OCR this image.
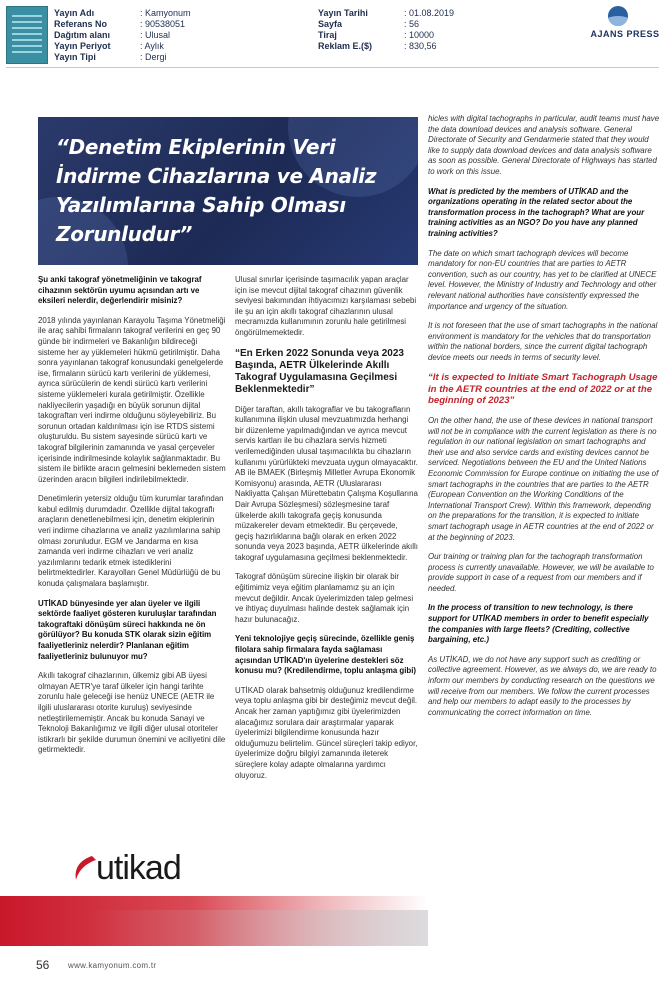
Yayın Adı
Referans No
Dağıtım alanı
Yayın Periyot
Yayın Tipi
: Kamyonum
: 90538051
: Ulusal
: Aylık
: Dergi
Yayın Tarihi
Sayfa
Tiraj
Reklam E.($)
: 01.08.2019
: 56
: 10000
: 830,56
AJANS PRESS
“Denetim Ekiplerinin Veri İndirme Cihazlarına ve Analiz Yazılımlarına Sahip Olması Zorunludur”

Şu anki takograf yönetmeliğinin ve takograf cihazının sektörün uyumu açısından artı ve eksileri nelerdir, değerlendirir misiniz?

2018 yılında yayınlanan Karayolu Taşıma Yönetmeliği ile araç sahibi firmaların takograf verilerini en geç 90 günde bir indirmeleri ve Bakanlığın bildireceği sisteme her ay yüklemeleri hükmü getirilmiştir. Daha sonra yayınlanan takograf konusundaki genelgelerde ise, firmaların sürücü kartı verilerini de yüklemesi, ayrıca sürücülerin de kendi sürücü kartı verilerini sisteme yüklemeleri kurala getirilmiştir. Özellikle nakliyecilerin yaşadığı en büyük sorunun dijital takograftan veri indirme olduğunu söyleyebiliriz. Bu sorunun ortadan kaldırılması için ise RTDS sistemi oluşturuldu. Bu sistem sayesinde sürücü kartı ve takograf bilgilerinin zamanında ve yasal çerçeveler içerisinde indirilmesinde kolaylık sağlanmaktadır. Bu sistem ile birlikte aracın gelmesini beklemeden sistem üzerinden aracın bilgileri indirilebilmektedir.

Denetimlerin yetersiz olduğu tüm kurumlar tarafından kabul edilmiş durumdadır. Özellikle dijital takograflı araçların denetlenebilmesi için, denetim ekiplerinin veri indirme cihazlarına ve analiz yazılımlarına sahip olması zorunludur. EGM ve Jandarma en kısa zamanda veri indirme cihazları ve veri analiz yazılımlarını tedarik etmek istediklerini belirtmektedirler. Karayolları Genel Müdürlüğü de bu konuda çalışmalara başlamıştır.

UTİKAD bünyesinde yer alan üyeler ve ilgili sektörde faaliyet gösteren kuruluşlar tarafından takograftaki dönüşüm süreci hakkında ne ön görülüyor? Bu konuda STK olarak sizin eğitim faaliyetleriniz nelerdir? Planlanan eğitim faaliyetleriniz bulunuyor mu?

Akıllı takograf cihazlarının, ülkemiz gibi AB üyesi olmayan AETR'ye taraf ülkeler için hangi tarihte zorunlu hale geleceği ise henüz UNECE (AETR ile ilgili uluslararası otorite kuruluş) seviyesinde netleştirilememiştir. Ancak bu konuda Sanayi ve Teknoloji Bakanlığımız ve ilgili diğer ulusal otoriteler istikrarlı bir şekilde durumun önemini ve aciliyetini dile getirmektedir.

Ulusal sınırlar içerisinde taşımacılık yapan araçlar için ise mevcut dijital takograf cihazının güvenlik seviyesi bakımından ihtiyacımızı karşılaması sebebi ile şu an için akıllı takograf cihazlarının ulusal mecramızda kullanımının zorunlu hale getirilmesi öngörülmemektedir.

“En Erken 2022 Sonunda veya 2023 Başında, AETR Ülkelerinde Akıllı Takograf Uygulamasına Geçilmesi Beklenmektedir”

Diğer taraftan, akıllı takograflar ve bu takografların kullanımına ilişkin ulusal mevzuatımızda herhangi bir düzenleme yapılmadığından ve ayrıca mevcut servis kartları ile bu cihazlara servis hizmeti verilemediğinden ulusal taşımacılıkta bu cihazların kullanımı yürürlükteki mevzuata uygun olmayacaktır. AB ile BMAEK (Birleşmiş Milletler Avrupa Ekonomik Komisyonu) arasında, AETR (Uluslararası Nakliyatta Çalışan Mürettebatın Çalışma Koşullarına Dair Avrupa Sözleşmesi) sözleşmesine taraf ülkelerde akıllı takografa geçiş konusunda müzakereler devam etmektedir. Bu çerçevede, geçiş hazırlıklarına bağlı olarak en erken 2022 sonunda veya 2023 başında, AETR ülkelerinde akıllı takograf uygulamasına geçilmesi beklenmektedir.

Takograf dönüşüm sürecine ilişkin bir olarak bir eğitimimiz veya eğitim planlamamız şu an için mevcut değildir. Ancak üyelerimizden talep gelmesi ve ihtiyaç duyulması halinde destek sağlamak için hazır bulunacağız.

Yeni teknolojiye geçiş sürecinde, özellikle geniş filolara sahip firmalara fayda sağlaması açısından UTİKAD'ın üyelerine destekleri söz konusu mu? (Kredilendirme, toplu anlaşma gibi)

UTİKAD olarak bahsetmiş olduğunuz kredilendirme veya toplu anlaşma gibi bir desteğimiz mevcut değil. Ancak her zaman yaptığımız gibi üyelerimizden alacağımız sorulara dair araştırmalar yaparak üyelerimizi bilgilendirme konusunda hazır olduğumuzu belirtelim. Güncel süreçleri takip ediyor, üyelerimize doğru bilgiyi zamanında ileterek süreçlere kolay adapte olmalarına yardımcı oluyoruz.

hicles with digital tachographs in particular, audit teams must have the data download devices and analysis software. General Directorate of Security and Gendarmerie stated that they would like to supply data download devices and data analysis software as soon as possible. General Directorate of Highways has started to work on this issue.

What is predicted by the members of UTİKAD and the organizations operating in the related sector about the transformation process in the tachograph? What are your training activities as an NGO? Do you have any planned training activities?

The date on which smart tachograph devices will become mandatory for non-EU countries that are parties to AETR convention, such as our country, has yet to be clarified at UNECE level. However, the Ministry of Industry and Technology and other relevant national authorities have consistently expressed the importance and urgency of the situation.

It is not foreseen that the use of smart tachographs in the national environment is mandatory for the vehicles that do transportation within the national borders, since the current digital tachograph device meets our needs in terms of security level.

“It is expected to Initiate Smart Tachograph Usage in the AETR countries at the end of 2022 or at the beginning of 2023”

On the other hand, the use of these devices in national transport will not be in compliance with the current legislation as there is no regulation in our national legislation on smart tachographs and their use and also service cards and existing devices cannot be serviced. Negotiations between the EU and the United Nations Economic Commission for Europe continue on initiating the use of smart tachographs in the countries that are parties to the AETR (European Convention on the Working Conditions of the International Transport Crew). Within this framework, depending on the preparations for the transition, it is expected to initiate smart tachograph usage in AETR countries at the end of 2022 or at the beginning of 2023.

Our training or training plan for the tachograph transformation process is currently unavailable. However, we will be available to provide support in case of a request from our members and if needed.

In the process of transition to new technology, is there support for UTİKAD members in order to benefit especially the companies with large fleets? (Crediting, collective bargaining, etc.)

As UTİKAD, we do not have any support such as crediting or collective agreement. However, as we always do, we are ready to inform our members by conducting research on the questions we will receive from our members. We follow the current processes and help our members to adapt easily to the processes by communicating the correct information on time.

utikad
56 www.kamyonum.com.tr
